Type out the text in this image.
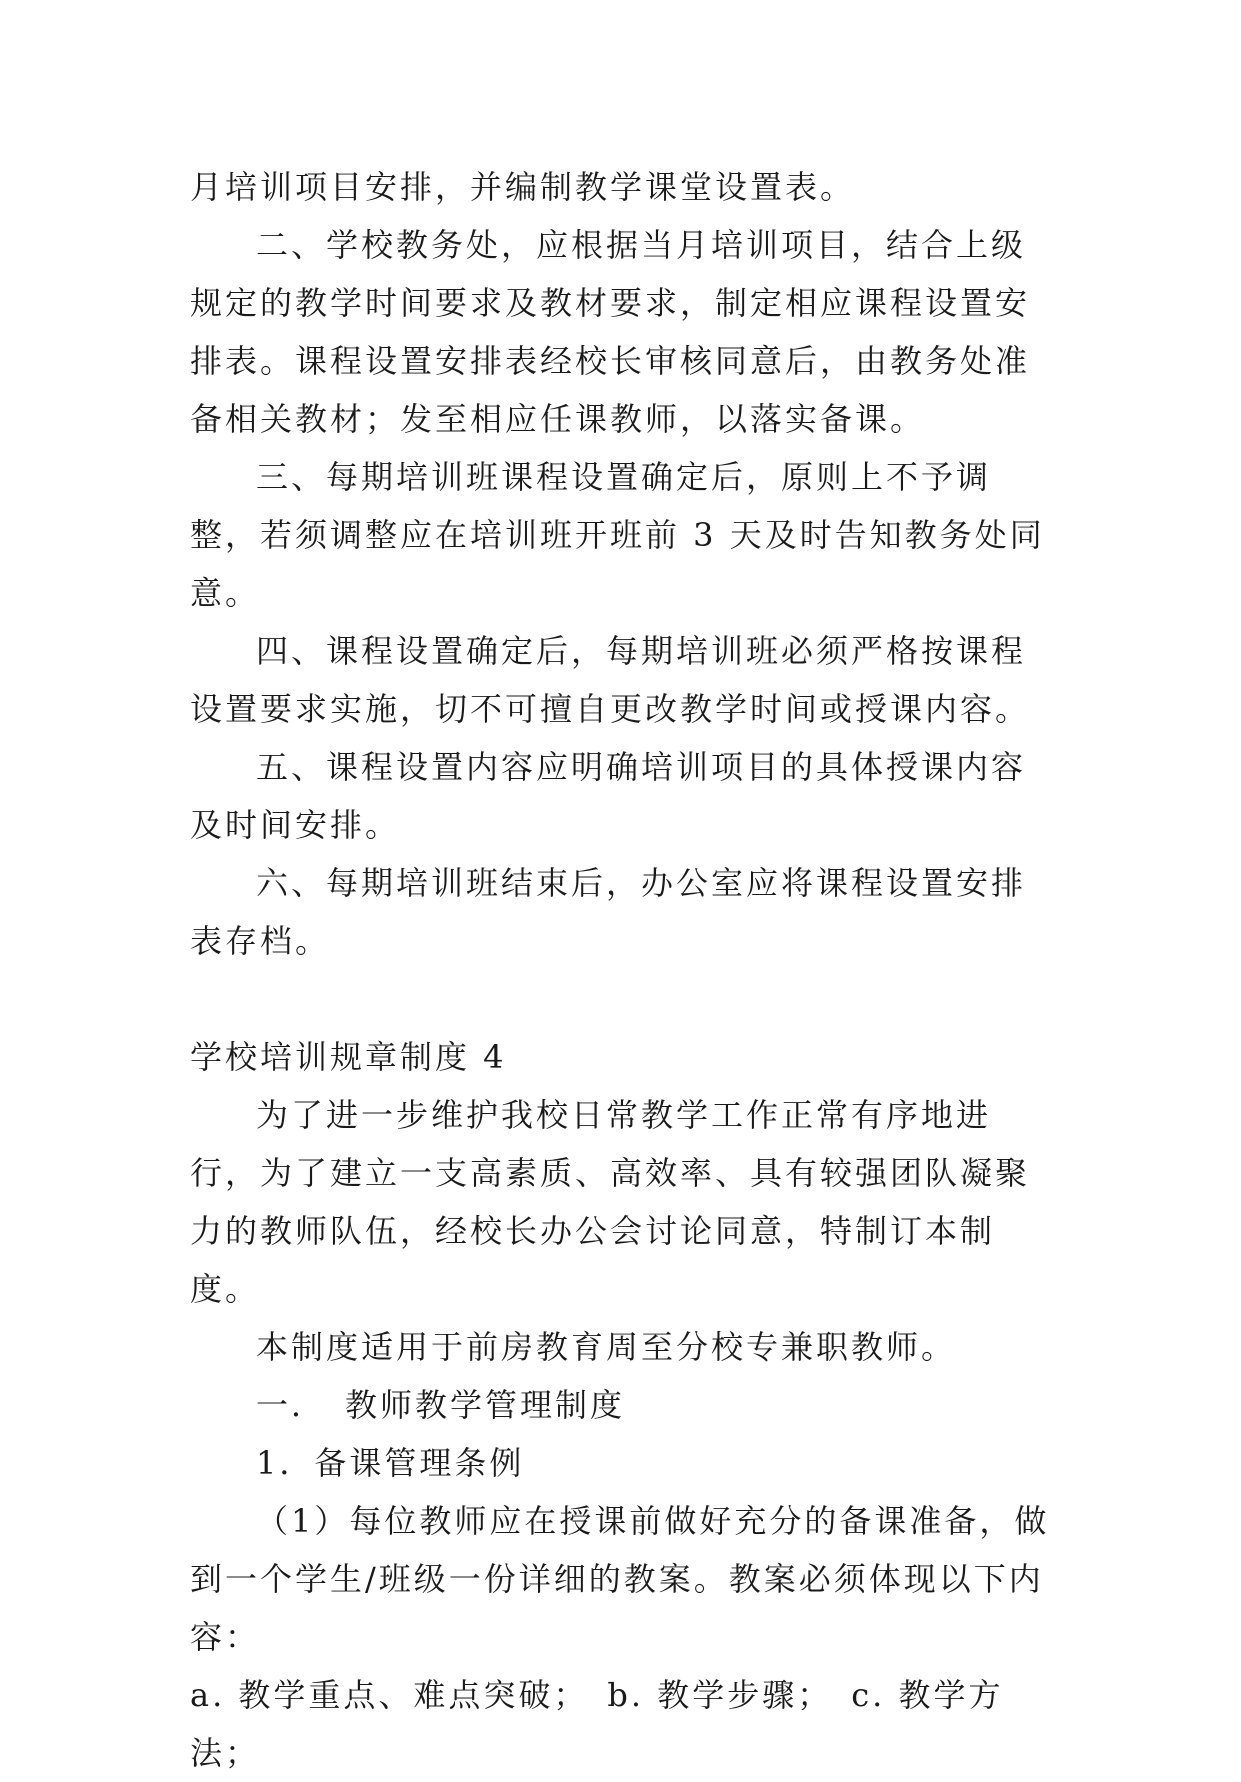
月培训项目安排，并编制教学课堂设置表。

二、学校教务处，应根据当月培训项目，结合上级规定的教学时间要求及教材要求，制定相应课程设置安排表。课程设置安排表经校长审核同意后，由教务处准备相关教材；发至相应任课教师，以落实备课。

三、每期培训班课程设置确定后，原则上不予调整，若须调整应在培训班开班前 3 天及时告知教务处同意。

四、课程设置确定后，每期培训班必须严格按课程设置要求实施，切不可擅自更改教学时间或授课内容。

五、课程设置内容应明确培训项目的具体授课内容及时间安排。

六、每期培训班结束后，办公室应将课程设置安排表存档。

学校培训规章制度 4

为了进一步维护我校日常教学工作正常有序地进行，为了建立一支高素质、高效率、具有较强团队凝聚力的教师队伍，经校长办公会讨论同意，特制订本制度。

本制度适用于前房教育周至分校专兼职教师。

一．　教师教学管理制度

1．备课管理条例

（1）每位教师应在授课前做好充分的备课准备，做到一个学生/班级一份详细的教案。教案必须体现以下内容：

a. 教学重点、难点突破；　b. 教学步骤；　c. 教学方法；
